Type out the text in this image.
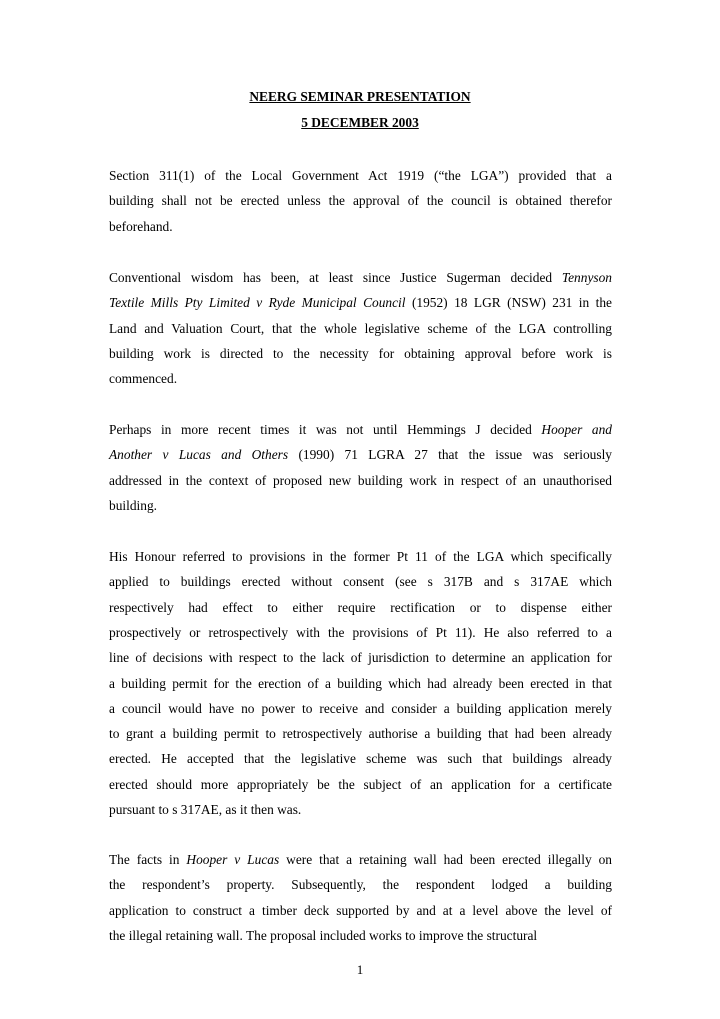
NEERG SEMINAR PRESENTATION
5 DECEMBER 2003
Section 311(1) of the Local Government Act 1919 (“the LGA”) provided that a
building shall not be erected unless the approval of the council is obtained therefor
beforehand.
Conventional wisdom has been, at least since Justice Sugerman decided Tennyson
Textile Mills Pty Limited v Ryde Municipal Council (1952) 18 LGR (NSW) 231 in the
Land and Valuation Court, that the whole legislative scheme of the LGA controlling
building work is directed to the necessity for obtaining approval before work is
commenced.
Perhaps in more recent times it was not until Hemmings J decided Hooper and
Another v Lucas and Others (1990) 71 LGRA 27 that the issue was seriously
addressed in the context of proposed new building work in respect of an unauthorised
building.
His Honour referred to provisions in the former Pt 11 of the LGA which specifically
applied to buildings erected without consent (see s 317B and s 317AE which
respectively had effect to either require rectification or to dispense either
prospectively or retrospectively with the provisions of Pt 11). He also referred to a
line of decisions with respect to the lack of jurisdiction to determine an application for
a building permit for the erection of a building which had already been erected in that
a council would have no power to receive and consider a building application merely
to grant a building permit to retrospectively authorise a building that had been already
erected. He accepted that the legislative scheme was such that buildings already
erected should more appropriately be the subject of an application for a certificate
pursuant to s 317AE, as it then was.
The facts in Hooper v Lucas were that a retaining wall had been erected illegally on
the respondent’s property. Subsequently, the respondent lodged a building
application to construct a timber deck supported by and at a level above the level of
the illegal retaining wall. The proposal included works to improve the structural
1
